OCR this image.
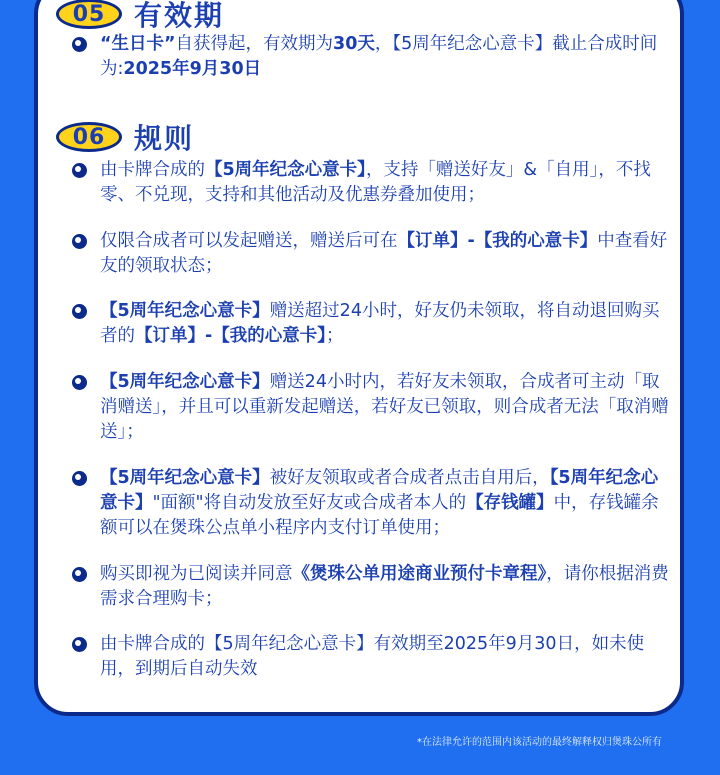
05	有效期
“生日卡”自获得起，有效期为30天，【5周年纪念心意卡】截止合成时间为:2025年9月30日
06	规则
由卡牌合成的【5周年纪念心意卡】，支持「赠送好友」&「自用」，不找零、不兑现，支持和其他活动及优惠券叠加使用；
仅限合成者可以发起赠送，赠送后可在【订单】-【我的心意卡】中查看好友的领取状态；
【5周年纪念心意卡】赠送超过24小时，好友仍未领取，将自动退回购买者的【订单】-【我的心意卡】；
【5周年纪念心意卡】赠送24小时内，若好友未领取，合成者可主动「取消赠送」，并且可以重新发起赠送，若好友已领取，则合成者无法「取消赠送」；
【5周年纪念心意卡】被好友领取或者合成者点击自用后，【5周年纪念心意卡】"面额"将自动发放至好友或合成者本人的【存钱罐】中，存钱罐余额可以在煲珠公点单小程序内支付订单使用；
购买即视为已阅读并同意《煲珠公单用途商业预付卡章程》，请你根据消费需求合理购卡；
由卡牌合成的【5周年纪念心意卡】有效期至2025年9月30日，如未使用，到期后自动失效
*在法律允许的范围内该活动的最终解释权归煲珠公所有
